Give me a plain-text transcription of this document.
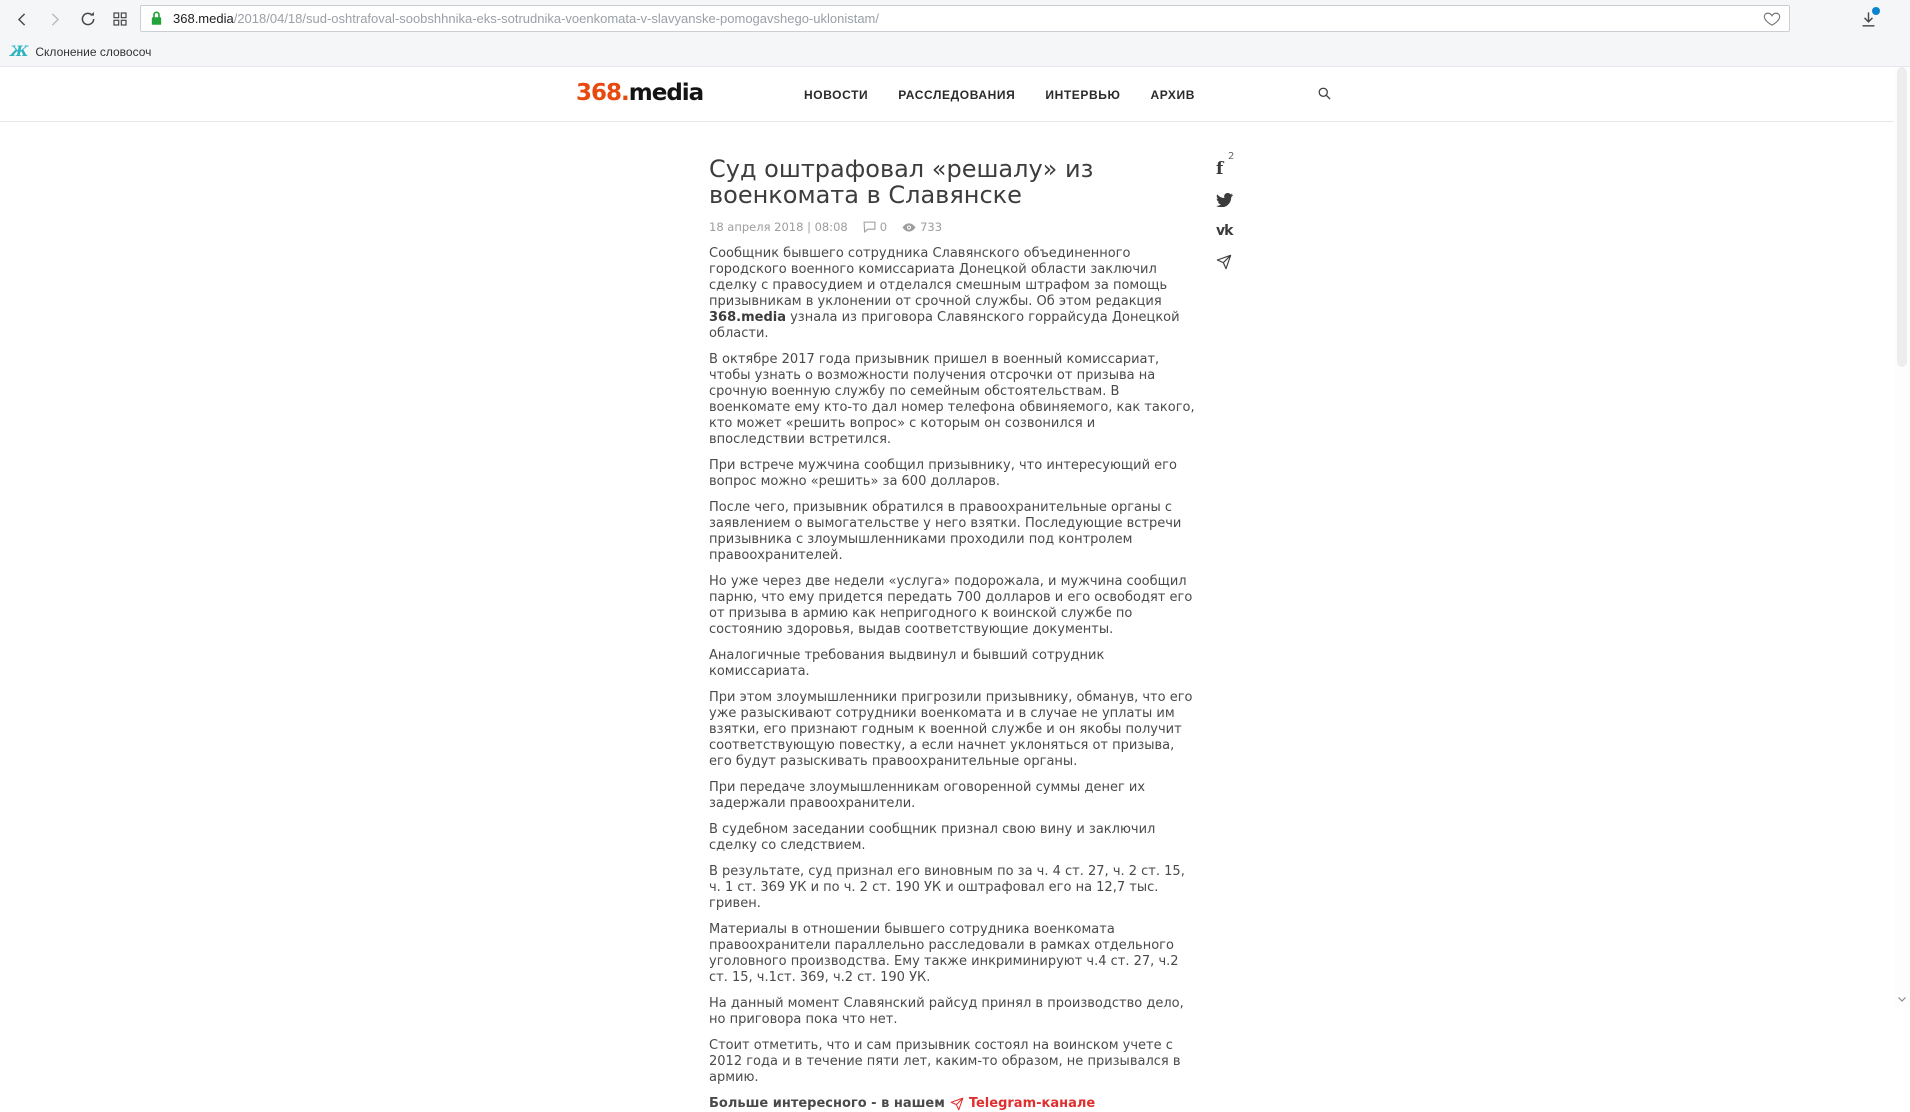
368.media/2018/04/18/sud-oshtrafoval-soobshhnika-eks-sotrudnika-voenkomata-v-slavyanske-pomogavshego-uklonistam/
Ж Склонение словосоч
368.media	НОВОСТИ	РАССЛЕДОВАНИЯ	ИНТЕРВЬЮ	АРХИВ
Суд оштрафовал «решалу» из военкомата в Славянске
18 апреля 2018 | 08:08	0	733

Сообщник бывшего сотрудника Славянского объединенного городского военного комиссариата Донецкой области заключил сделку с правосудием и отделался смешным штрафом за помощь призывникам в уклонении от срочной службы. Об этом редакция 368.media узнала из приговора Славянского горрайсуда Донецкой области.

В октябре 2017 года призывник пришел в военный комиссариат, чтобы узнать о возможности получения отсрочки от призыва на срочную военную службу по семейным обстоятельствам. В военкомате ему кто-то дал номер телефона обвиняемого, как такого, кто может «решить вопрос» с которым он созвонился и впоследствии встретился.

При встрече мужчина сообщил призывнику, что интересующий его вопрос можно «решить» за 600 долларов.

После чего, призывник обратился в правоохранительные органы с заявлением о вымогательстве у него взятки. Последующие встречи призывника с злоумышленниками проходили под контролем правоохранителей.

Но уже через две недели «услуга» подорожала, и мужчина сообщил парню, что ему придется передать 700 долларов и его освободят его от призыва в армию как непригодного к воинской службе по состоянию здоровья, выдав соответствующие документы.

Аналогичные требования выдвинул и бывший сотрудник комиссариата.

При этом злоумышленники пригрозили призывнику, обманув, что его уже разыскивают сотрудники военкомата и в случае не уплаты им взятки, его признают годным к военной службе и он якобы получит соответствующую повестку, а если начнет уклоняться от призыва, его будут разыскивать правоохранительные органы.

При передаче злоумышленникам оговоренной суммы денег их задержали правоохранители.

В судебном заседании сообщник признал свою вину и заключил сделку со следствием.

В результате, суд признал его виновным по за ч. 4 ст. 27, ч. 2 ст. 15, ч. 1 ст. 369 УК и по ч. 2 ст. 190 УК и оштрафовал его на 12,7 тыс. гривен.

Материалы в отношении бывшего сотрудника военкомата правоохранители параллельно расследовали в рамках отдельного уголовного производства. Ему также инкриминируют ч.4 ст. 27, ч.2 ст. 15, ч.1ст. 369, ч.2 ст. 190 УК.

На данный момент Славянский райсуд принял в производство дело, но приговора пока что нет.

Стоит отметить, что и сам призывник состоял на воинском учете с 2012 года и в течение пяти лет, каким-то образом, не призывался в армию.

Больше интересного - в нашем Telegram-канале

f
2
vk
